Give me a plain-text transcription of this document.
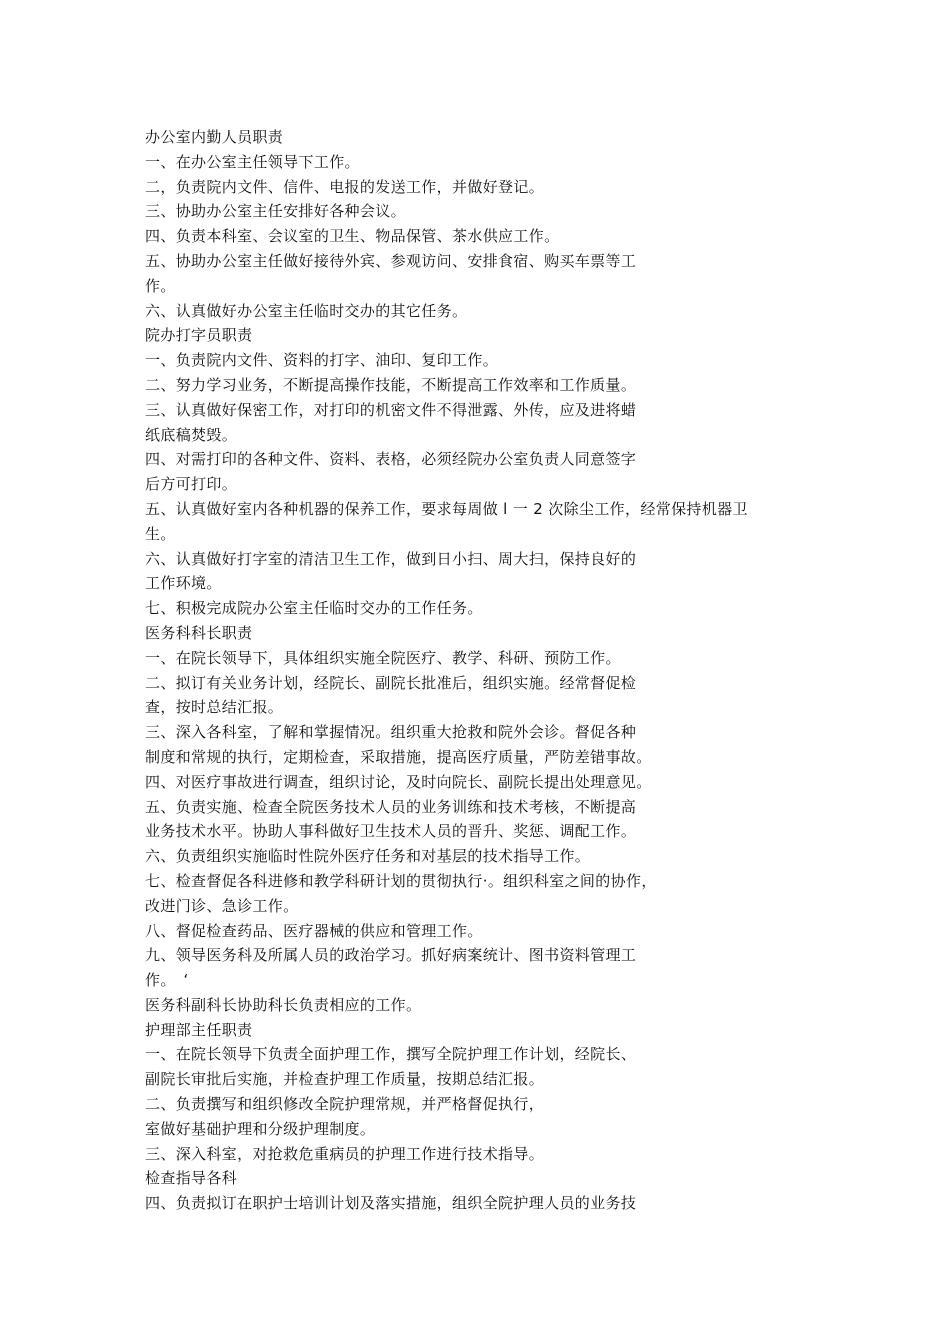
办公室内勤人员职责
一、在办公室主任领导下工作。
二，负责院内文件、信件、电报的发送工作，并做好登记。
三、协助办公室主任安排好各种会议。
四、负责本科室、会议室的卫生、物品保管、茶水供应工作。
五、协助办公室主任做好接待外宾、参观访问、安排食宿、购买车票等工
作。
六、认真做好办公室主任临时交办的其它任务。
院办打字员职责
一、负责院内文件、资料的打字、油印、复印工作。
二、努力学习业务，不断提高操作技能，不断提高工作效率和工作质量。
三、认真做好保密工作，对打印的机密文件不得泄露、外传，应及进将蜡
纸底稿焚毁。
四、对需打印的各种文件、资料、表格，必须经院办公室负责人同意签字
后方可打印。
五、认真做好室内各种机器的保养工作，要求每周做 l 一 2 次除尘工作，经常保持机器卫
生。
六、认真做好打字室的清洁卫生工作，做到日小扫、周大扫，保持良好的
工作环境。
七、积极完成院办公室主任临时交办的工作任务。
医务科科长职责
一、在院长领导下，具体组织实施全院医疗、教学、科研、预防工作。
二、拟订有关业务计划，经院长、副院长批准后，组织实施。经常督促检
查，按时总结汇报。
三、深入各科室，了解和掌握情况。组织重大抢救和院外会诊。督促各种
制度和常规的执行，定期检查，采取措施，提高医疗质量，严防差错事故。
四、对医疗事故进行调查，组织讨论，及时向院长、副院长提出处理意见。
五、负责实施、检查全院医务技术人员的业务训练和技术考核，不断提高
业务技术水平。协助人事科做好卫生技术人员的晋升、奖惩、调配工作。
六、负责组织实施临时性院外医疗任务和对基层的技术指导工作。
七、检查督促各科进修和教学科研计划的贯彻执行·。组织科室之间的协作，
改进门诊、急诊工作。
八、督促检查药品、医疗器械的供应和管理工作。
九、领导医务科及所属人员的政治学习。抓好病案统计、图书资料管理工
作。　‘
医务科副科长协助科长负责相应的工作。
护理部主任职责
一、在院长领导下负责全面护理工作，撰写全院护理工作计划，经院长、
副院长审批后实施，并检查护理工作质量，按期总结汇报。
二、负责撰写和组织修改全院护理常规，并严格督促执行，
室做好基础护理和分级护理制度。
三、深入科室，对抢救危重病员的护理工作进行技术指导。
检查指导各科
四、负责拟订在职护士培训计划及落实措施，组织全院护理人员的业务技
